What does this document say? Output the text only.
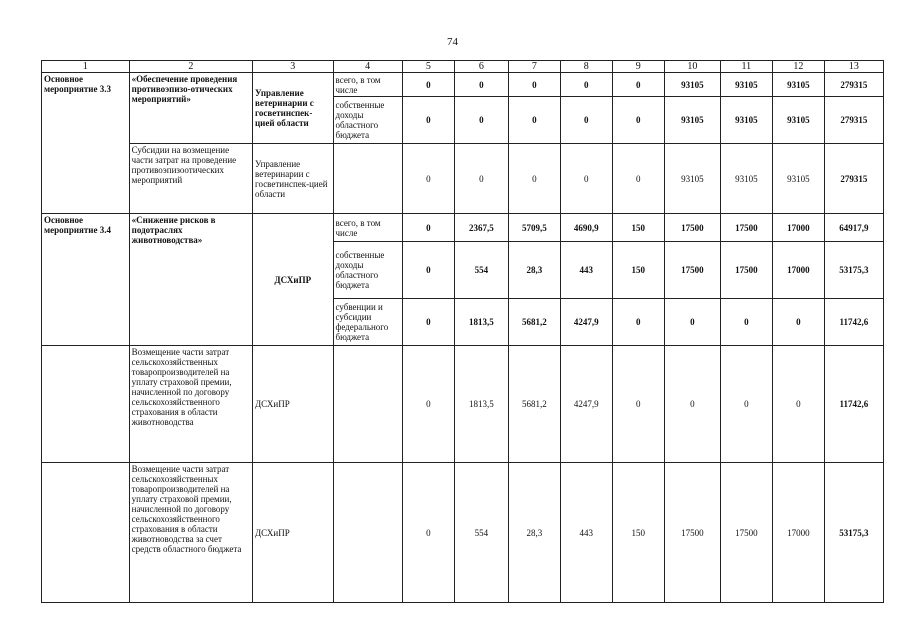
74
1	2	3	4	5	6	7	8	9	10	11	12	13
Основное мероприятие 3.3	«Обеспечение проведения противоэпизо-отических мероприятий»	Управление ветеринарии с госветинспек-цией области	всего, в том числе	0	0	0	0	0	93105	93105	93105	279315
			собственные доходы областного бюджета	0	0	0	0	0	93105	93105	93105	279315
	Субсидии на возмещение части затрат на проведение противоэпизоотических мероприятий	Управление ветеринарии с госветинспек-цией области		0	0	0	0	0	93105	93105	93105	279315
Основное мероприятие 3.4	«Снижение рисков в подотраслях животноводства»	ДСХиПР	всего, в том числе	0	2367,5	5709,5	4690,9	150	17500	17500	17000	64917,9
			собственные доходы областного бюджета	0	554	28,3	443	150	17500	17500	17000	53175,3
			субвенции и субсидии федерального бюджета	0	1813,5	5681,2	4247,9	0	0	0	0	11742,6
	Возмещение части затрат сельскохозяйственных товаропроизводителей на уплату страховой премии, начисленной по договору сельскохозяйственного страхования в области животноводства	ДСХиПР		0	1813,5	5681,2	4247,9	0	0	0	0	11742,6
	Возмещение части затрат сельскохозяйственных товаропроизводителей на уплату страховой премии, начисленной по договору сельскохозяйственного страхования в области животноводства за счет средств областного бюджета	ДСХиПР		0	554	28,3	443	150	17500	17500	17000	53175,3
